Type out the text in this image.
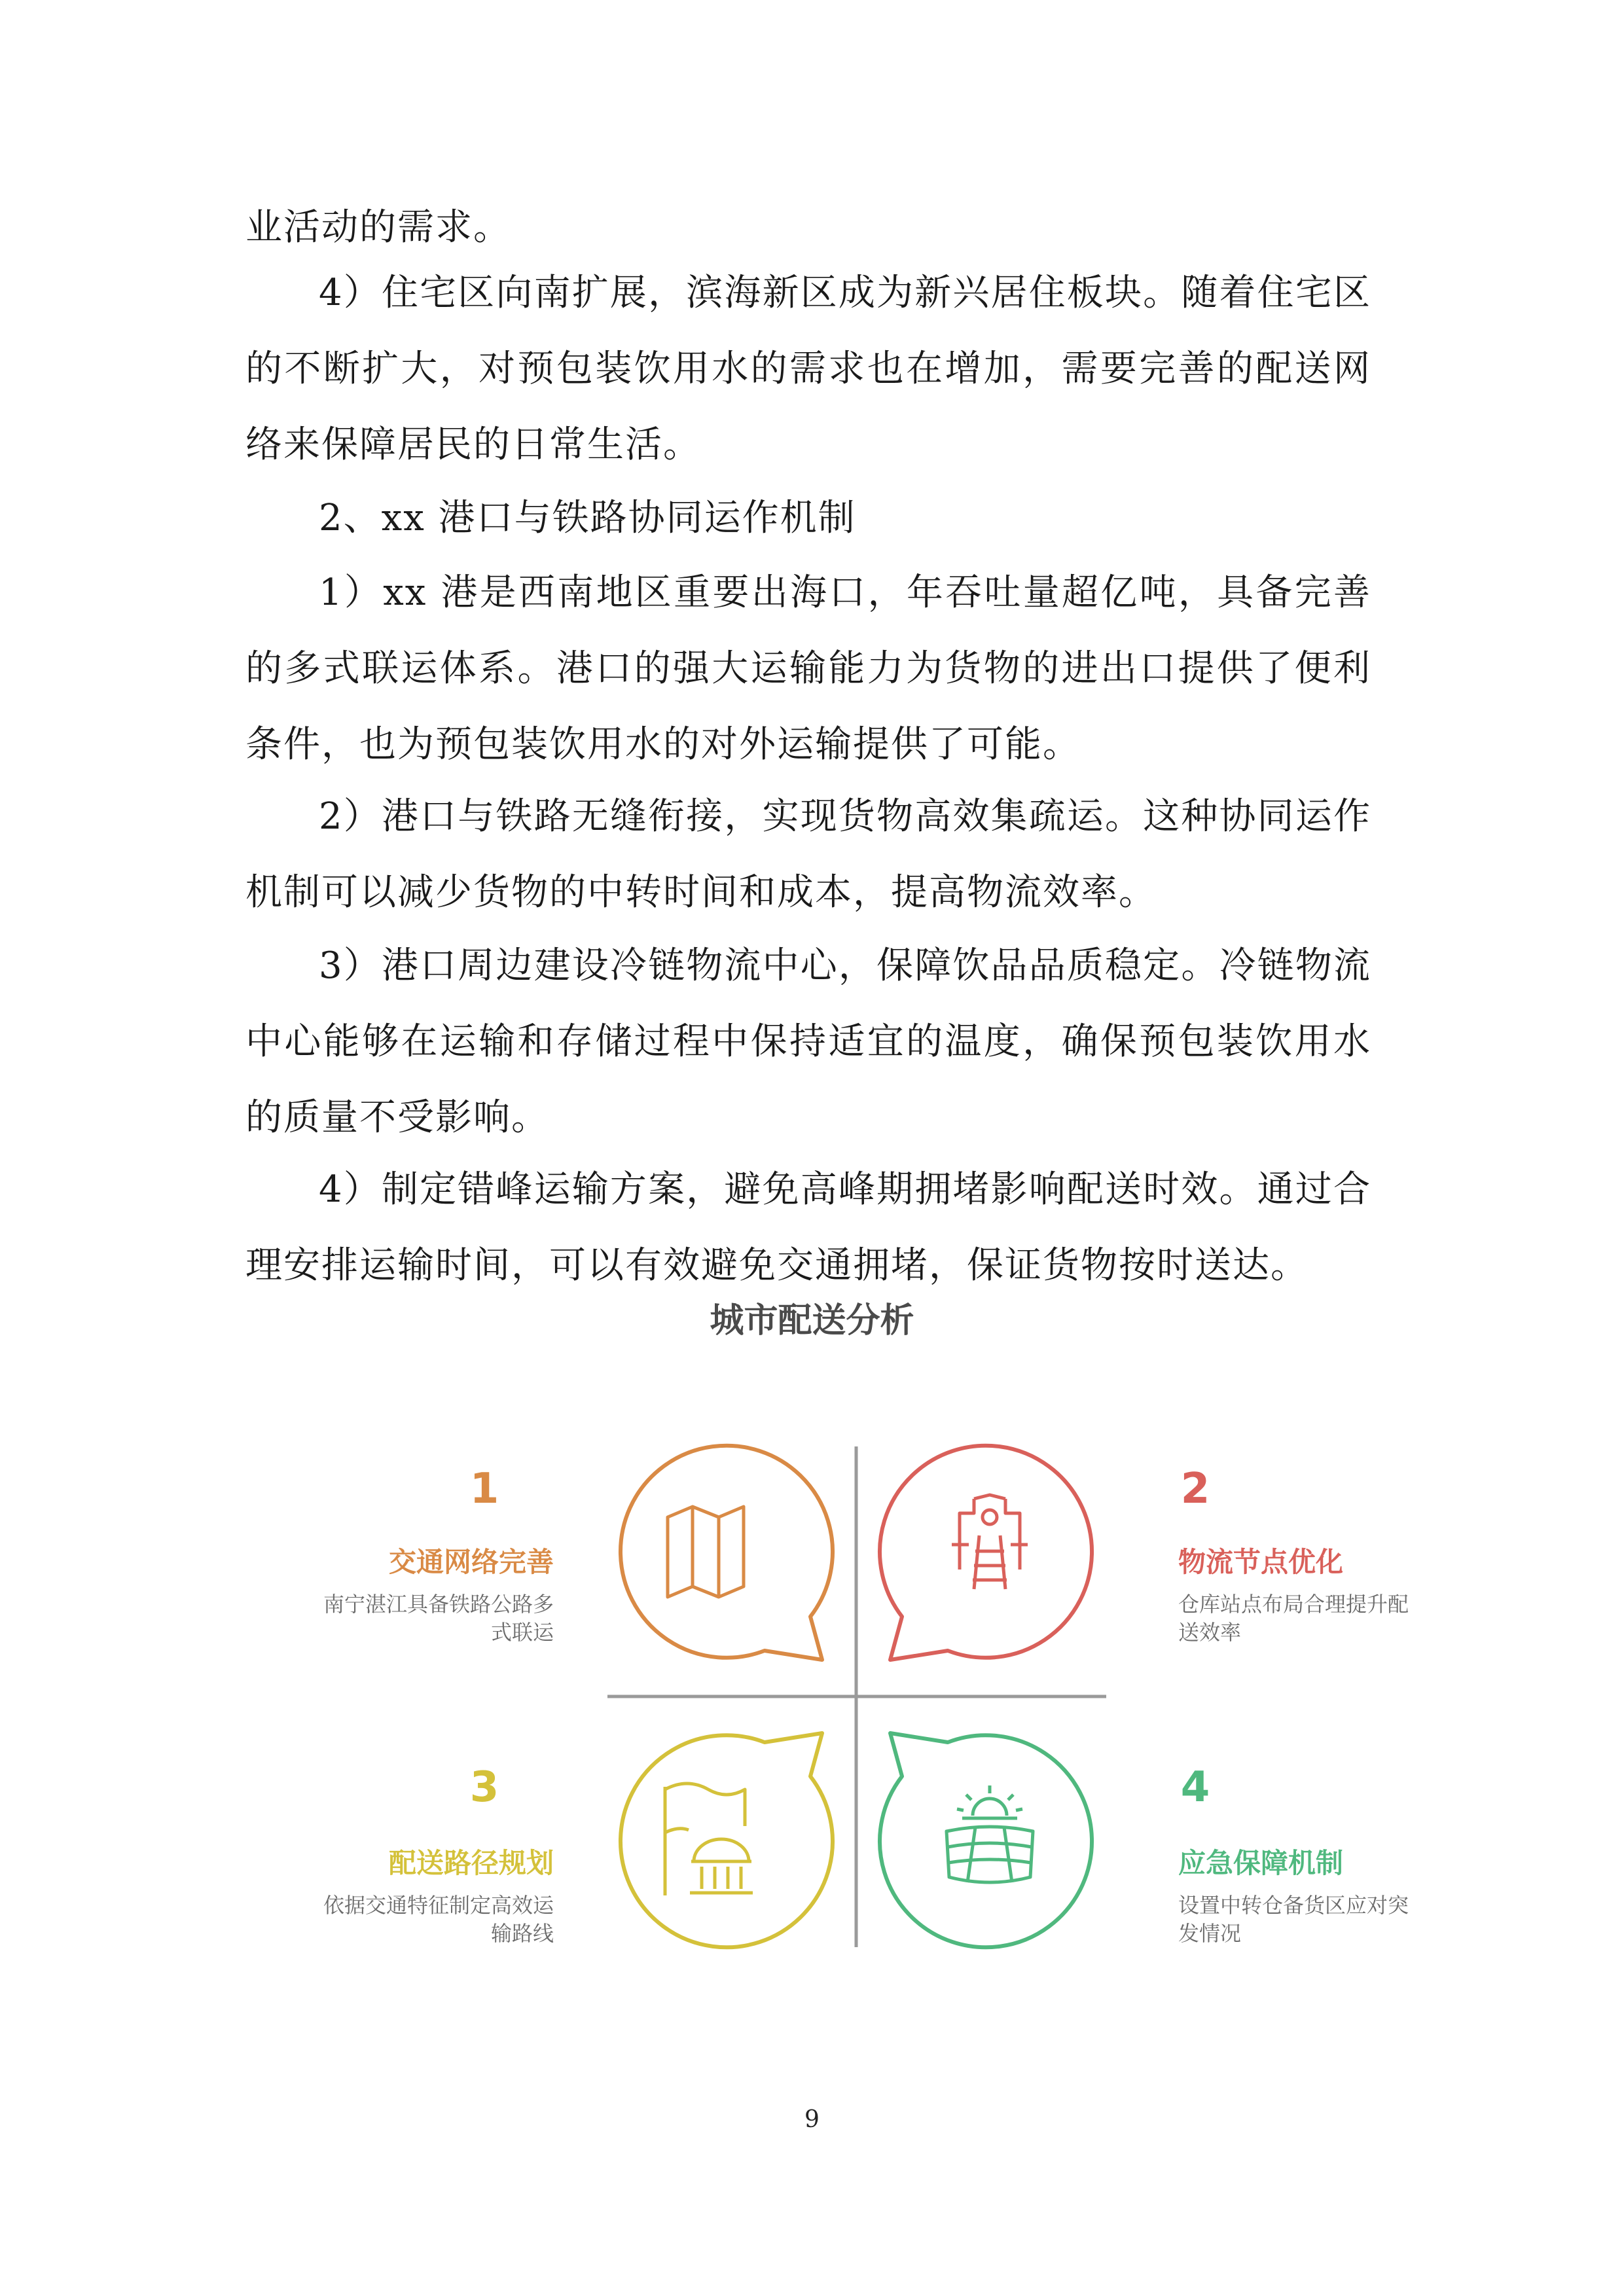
业活动的需求。

4）住宅区向南扩展，滨海新区成为新兴居住板块。随着住宅区的不断扩大，对预包装饮用水的需求也在增加，需要完善的配送网络来保障居民的日常生活。

2、xx 港口与铁路协同运作机制

1）xx 港是西南地区重要出海口，年吞吐量超亿吨，具备完善的多式联运体系。港口的强大运输能力为货物的进出口提供了便利条件，也为预包装饮用水的对外运输提供了可能。

2）港口与铁路无缝衔接，实现货物高效集疏运。这种协同运作机制可以减少货物的中转时间和成本，提高物流效率。

3）港口周边建设冷链物流中心，保障饮品品质稳定。冷链物流中心能够在运输和存储过程中保持适宜的温度，确保预包装饮用水的质量不受影响。

4）制定错峰运输方案，避免高峰期拥堵影响配送时效。通过合理安排运输时间，可以有效避免交通拥堵，保证货物按时送达。

城市配送分析

1

交通网络完善

南宁湛江具备铁路公路多式联运

2

物流节点优化

仓库站点布局合理提升配送效率

3

配送路径规划

依据交通特征制定高效运输路线

4

应急保障机制

设置中转仓备货区应对突发情况

9
